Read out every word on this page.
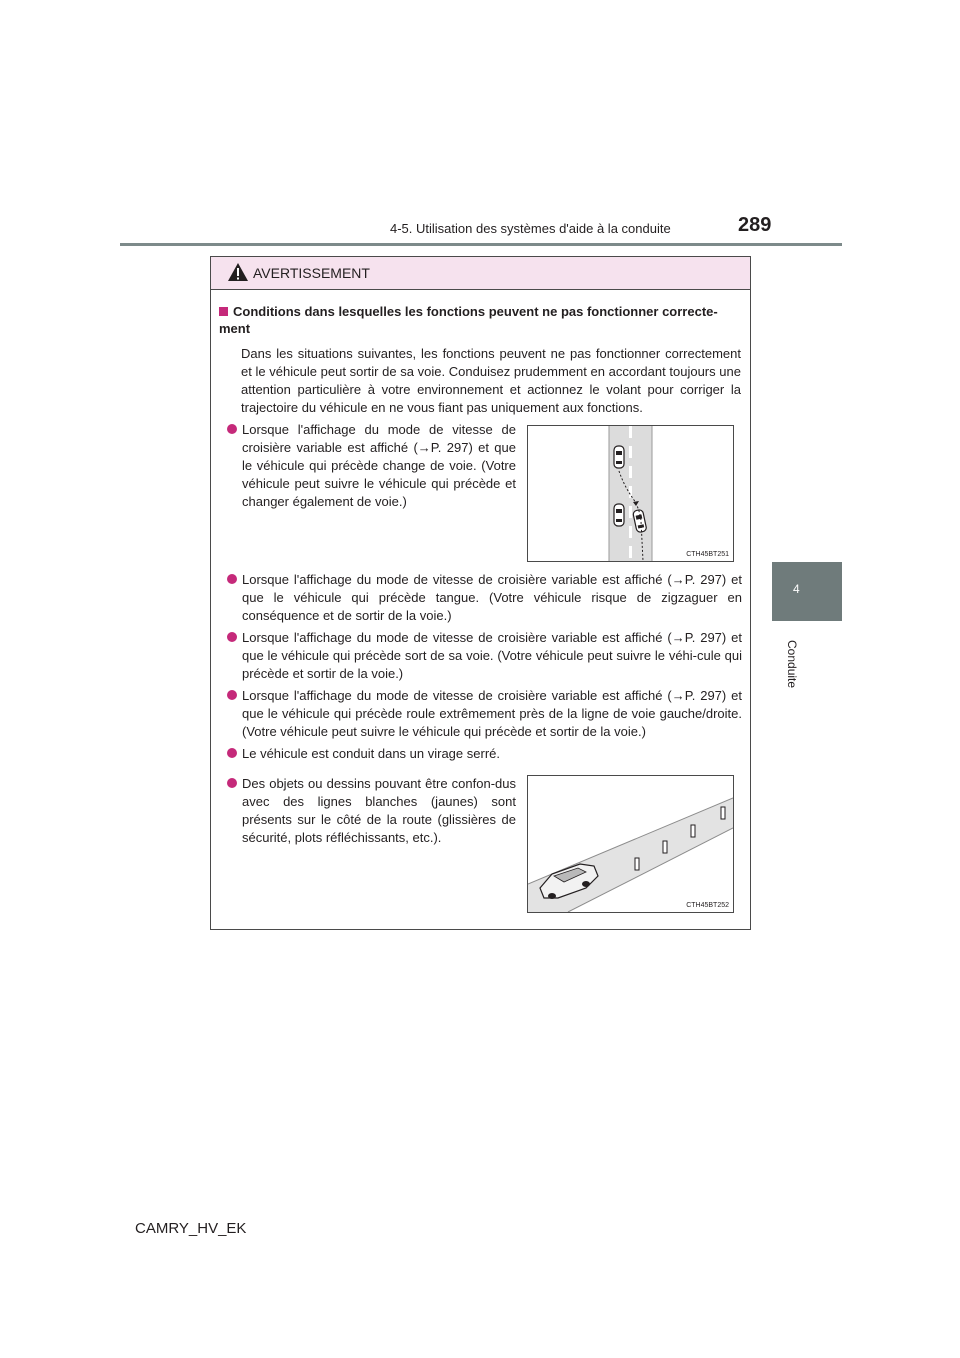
4-5. Utilisation des systèmes d'aide à la conduite	289
4
Conduite
AVERTISSEMENT
Conditions dans lesquelles les fonctions peuvent ne pas fonctionner correcte-ment
Dans les situations suivantes, les fonctions peuvent ne pas fonctionner correctement et le véhicule peut sortir de sa voie. Conduisez prudemment en accordant toujours une attention particulière à votre environnement et actionnez le volant pour corriger la trajectoire du véhicule en ne vous fiant pas uniquement aux fonctions.
Lorsque l'affichage du mode de vitesse de croisière variable est affiché (→P. 297) et que le véhicule qui précède change de voie. (Votre véhicule peut suivre le véhicule qui précède et changer également de voie.)
CTH45BT251
Lorsque l'affichage du mode de vitesse de croisière variable est affiché (→P. 297) et que le véhicule qui précède tangue. (Votre véhicule risque de zigzaguer en conséquence et de sortir de la voie.)
Lorsque l'affichage du mode de vitesse de croisière variable est affiché (→P. 297) et que le véhicule qui précède sort de sa voie. (Votre véhicule peut suivre le véhi-cule qui précède et sortir de la voie.)
Lorsque l'affichage du mode de vitesse de croisière variable est affiché (→P. 297) et que le véhicule qui précède roule extrêmement près de la ligne de voie gauche/droite. (Votre véhicule peut suivre le véhicule qui précède et sortir de la voie.)
Le véhicule est conduit dans un virage serré.
Des objets ou dessins pouvant être confon-dus avec des lignes blanches (jaunes) sont présents sur le côté de la route (glissières de sécurité, plots réfléchissants, etc.).
CTH45BT252
CAMRY_HV_EK
